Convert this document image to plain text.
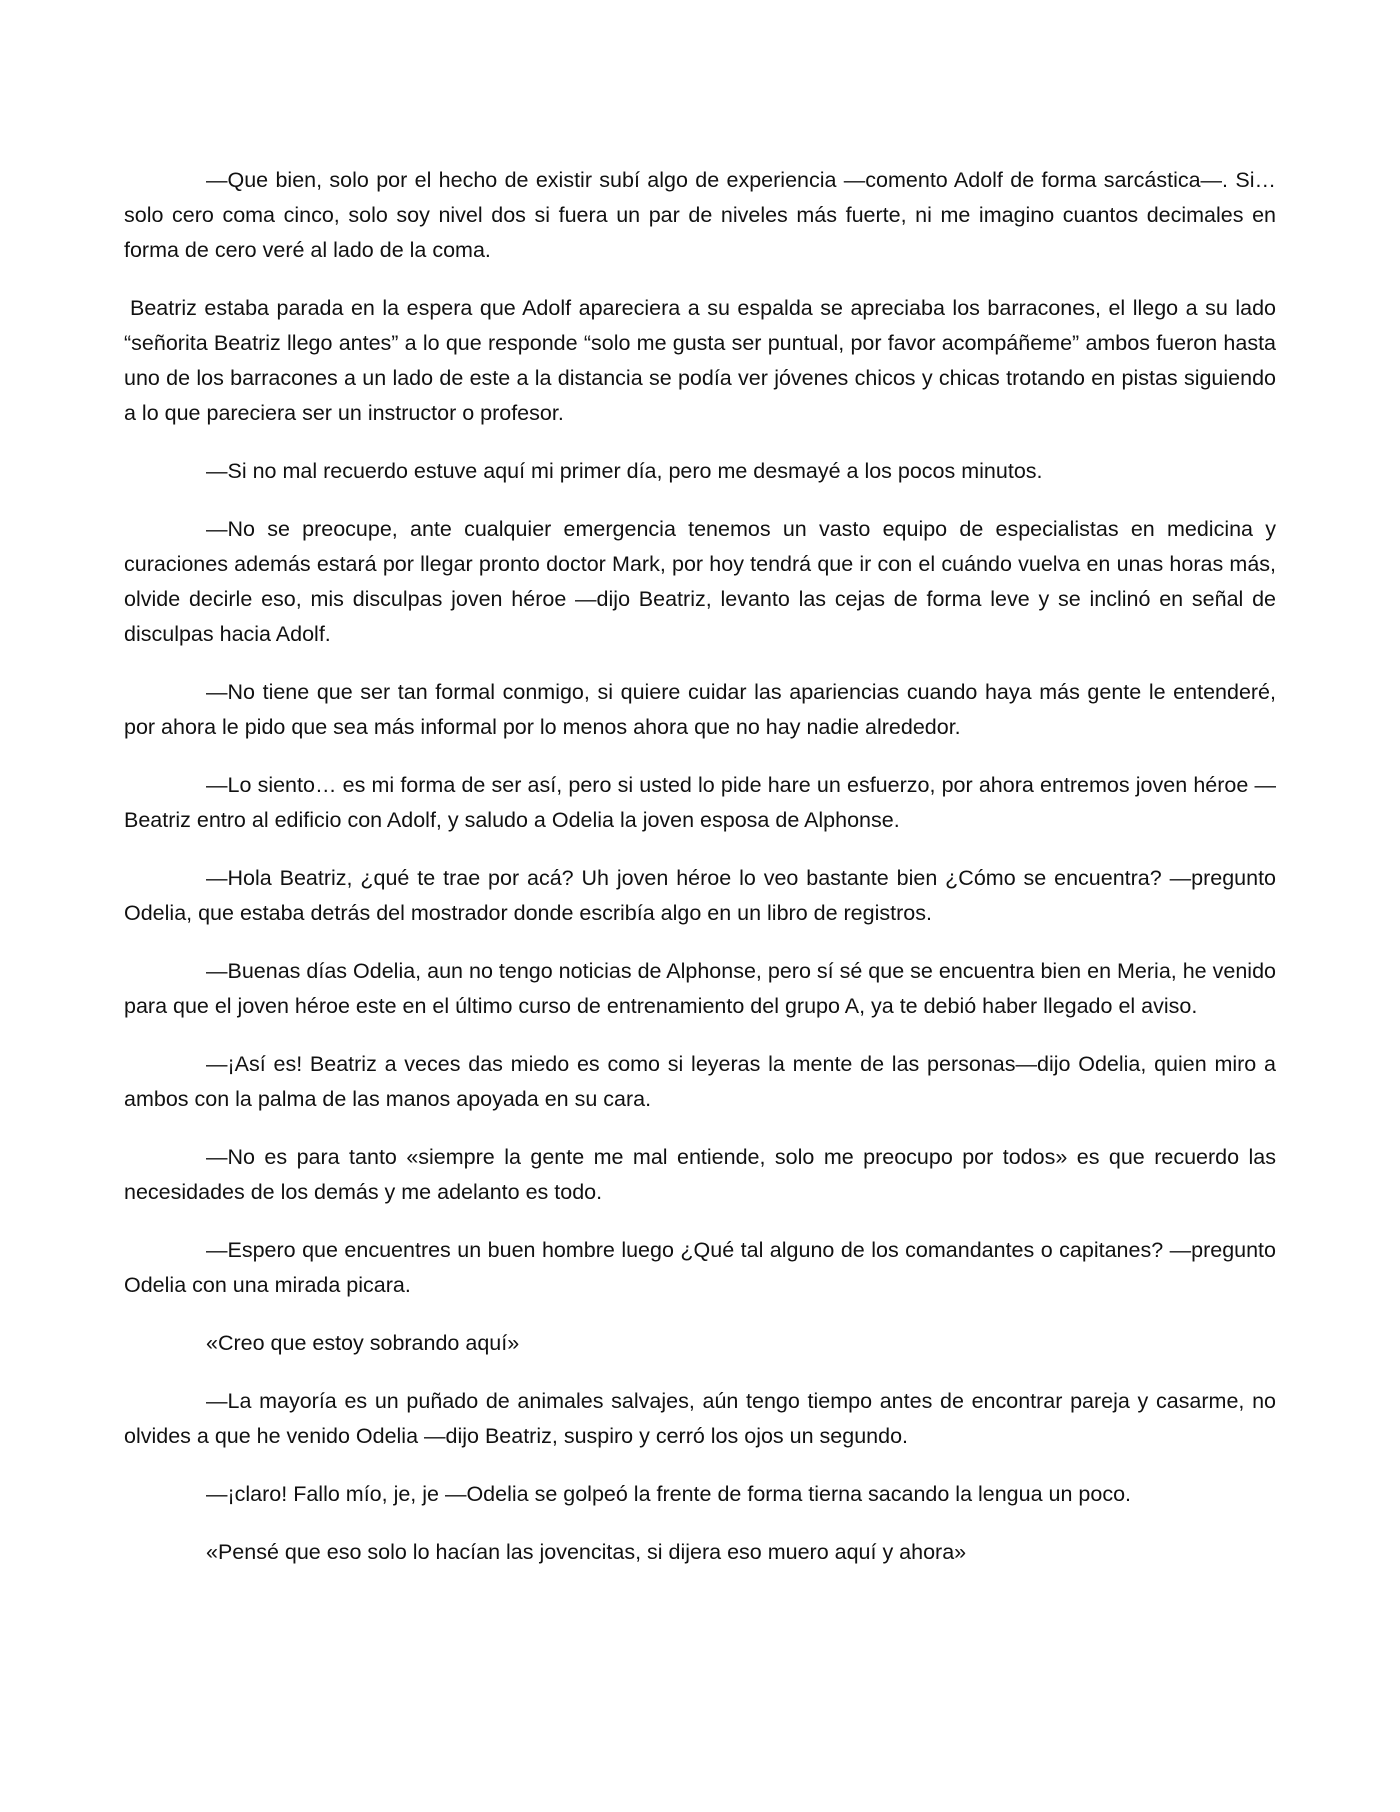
—Que bien, solo por el hecho de existir subí algo de experiencia —comento Adolf de forma sarcástica—. Si… solo cero coma cinco, solo soy nivel dos si fuera un par de niveles más fuerte, ni me imagino cuantos decimales en forma de cero veré al lado de la coma.

Beatriz estaba parada en la espera que Adolf apareciera a su espalda se apreciaba los barracones, el llego a su lado “señorita Beatriz llego antes” a lo que responde “solo me gusta ser puntual, por favor acompáñeme” ambos fueron hasta uno de los barracones a un lado de este a la distancia se podía ver jóvenes chicos y chicas trotando en pistas siguiendo a lo que pareciera ser un instructor o profesor.

—Si no mal recuerdo estuve aquí mi primer día, pero me desmayé a los pocos minutos.

—No se preocupe, ante cualquier emergencia tenemos un vasto equipo de especialistas en medicina y curaciones además estará por llegar pronto doctor Mark, por hoy tendrá que ir con el cuándo vuelva en unas horas más, olvide decirle eso, mis disculpas joven héroe —dijo Beatriz, levanto las cejas de forma leve y se inclinó en señal de disculpas hacia Adolf.

—No tiene que ser tan formal conmigo, si quiere cuidar las apariencias cuando haya más gente le entenderé, por ahora le pido que sea más informal por lo menos ahora que no hay nadie alrededor.

—Lo siento… es mi forma de ser así, pero si usted lo pide hare un esfuerzo, por ahora entremos joven héroe —Beatriz entro al edificio con Adolf, y saludo a Odelia la joven esposa de Alphonse.

—Hola Beatriz, ¿qué te trae por acá? Uh joven héroe lo veo bastante bien ¿Cómo se encuentra? —pregunto Odelia, que estaba detrás del mostrador donde escribía algo en un libro de registros.

—Buenas días Odelia, aun no tengo noticias de Alphonse, pero sí sé que se encuentra bien en Meria, he venido para que el joven héroe este en el último curso de entrenamiento del grupo A, ya te debió haber llegado el aviso.

—¡Así es! Beatriz a veces das miedo es como si leyeras la mente de las personas—dijo Odelia, quien miro a ambos con la palma de las manos apoyada en su cara.

—No es para tanto «siempre la gente me mal entiende, solo me preocupo por todos» es que recuerdo las necesidades de los demás y me adelanto es todo.

—Espero que encuentres un buen hombre luego ¿Qué tal alguno de los comandantes o capitanes? —pregunto Odelia con una mirada picara.

«Creo que estoy sobrando aquí»

—La mayoría es un puñado de animales salvajes, aún tengo tiempo antes de encontrar pareja y casarme, no olvides a que he venido Odelia —dijo Beatriz, suspiro y cerró los ojos un segundo.

—¡claro! Fallo mío, je, je —Odelia se golpeó la frente de forma tierna sacando la lengua un poco.

«Pensé que eso solo lo hacían las jovencitas, si dijera eso muero aquí y ahora»
